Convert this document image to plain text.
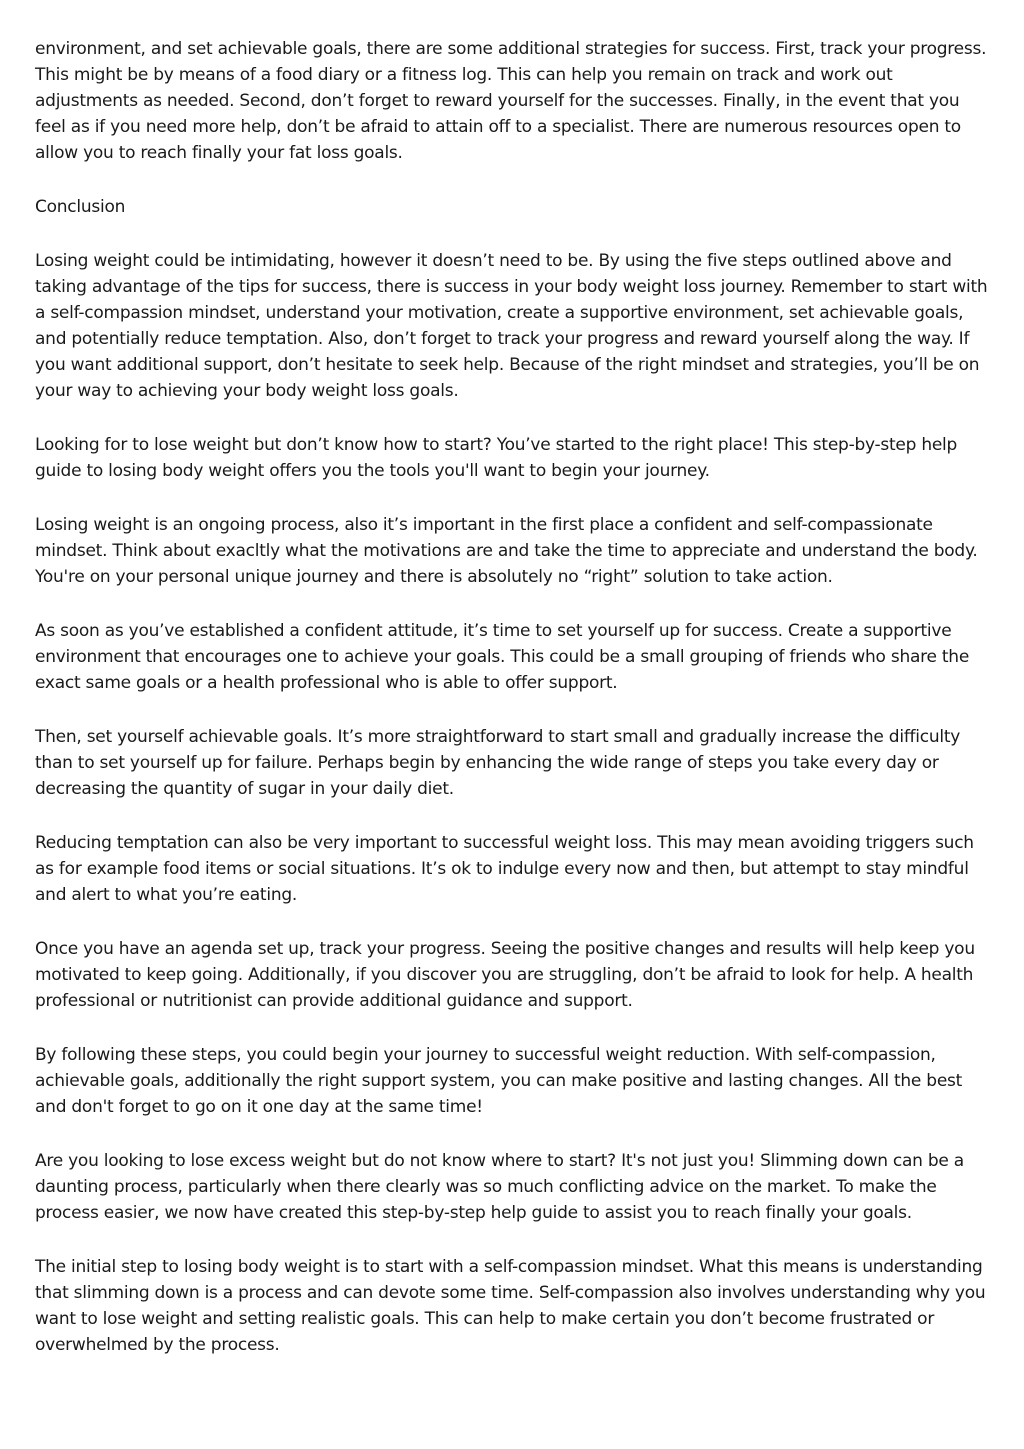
environment, and set achievable goals, there are some additional strategies for success. First, track your progress. This might be by means of a food diary or a fitness log. This can help you remain on track and work out adjustments as needed. Second, don’t forget to reward yourself for the successes. Finally, in the event that you feel as if you need more help, don’t be afraid to attain off to a specialist. There are numerous resources open to allow you to reach finally your fat loss goals.

Conclusion

Losing weight could be intimidating, however it doesn’t need to be. By using the five steps outlined above and taking advantage of the tips for success, there is success in your body weight loss journey. Remember to start with a self-compassion mindset, understand your motivation, create a supportive environment, set achievable goals, and potentially reduce temptation. Also, don’t forget to track your progress and reward yourself along the way. If you want additional support, don’t hesitate to seek help. Because of the right mindset and strategies, you’ll be on your way to achieving your body weight loss goals.

Looking for to lose weight but don’t know how to start? You’ve started to the right place! This step-by-step help guide to losing body weight offers you the tools you'll want to begin your journey.

Losing weight is an ongoing process, also it’s important in the first place a confident and self-compassionate mindset. Think about exacltly what the motivations are and take the time to appreciate and understand the body. You're on your personal unique journey and there is absolutely no “right” solution to take action.

As soon as you’ve established a confident attitude, it’s time to set yourself up for success. Create a supportive environment that encourages one to achieve your goals. This could be a small grouping of friends who share the exact same goals or a health professional who is able to offer support.

Then, set yourself achievable goals. It’s more straightforward to start small and gradually increase the difficulty than to set yourself up for failure. Perhaps begin by enhancing the wide range of steps you take every day or decreasing the quantity of sugar in your daily diet.

Reducing temptation can also be very important to successful weight loss. This may mean avoiding triggers such as for example food items or social situations. It’s ok to indulge every now and then, but attempt to stay mindful and alert to what you’re eating.

Once you have an agenda set up, track your progress. Seeing the positive changes and results will help keep you motivated to keep going. Additionally, if you discover you are struggling, don’t be afraid to look for help. A health professional or nutritionist can provide additional guidance and support.

By following these steps, you could begin your journey to successful weight reduction. With self-compassion, achievable goals, additionally the right support system, you can make positive and lasting changes. All the best and don't forget to go on it one day at the same time!

Are you looking to lose excess weight but do not know where to start? It's not just you! Slimming down can be a daunting process, particularly when there clearly was so much conflicting advice on the market. To make the process easier, we now have created this step-by-step help guide to assist you to reach finally your goals.

The initial step to losing body weight is to start with a self-compassion mindset. What this means is understanding that slimming down is a process and can devote some time. Self-compassion also involves understanding why you want to lose weight and setting realistic goals. This can help to make certain you don’t become frustrated or overwhelmed by the process.
